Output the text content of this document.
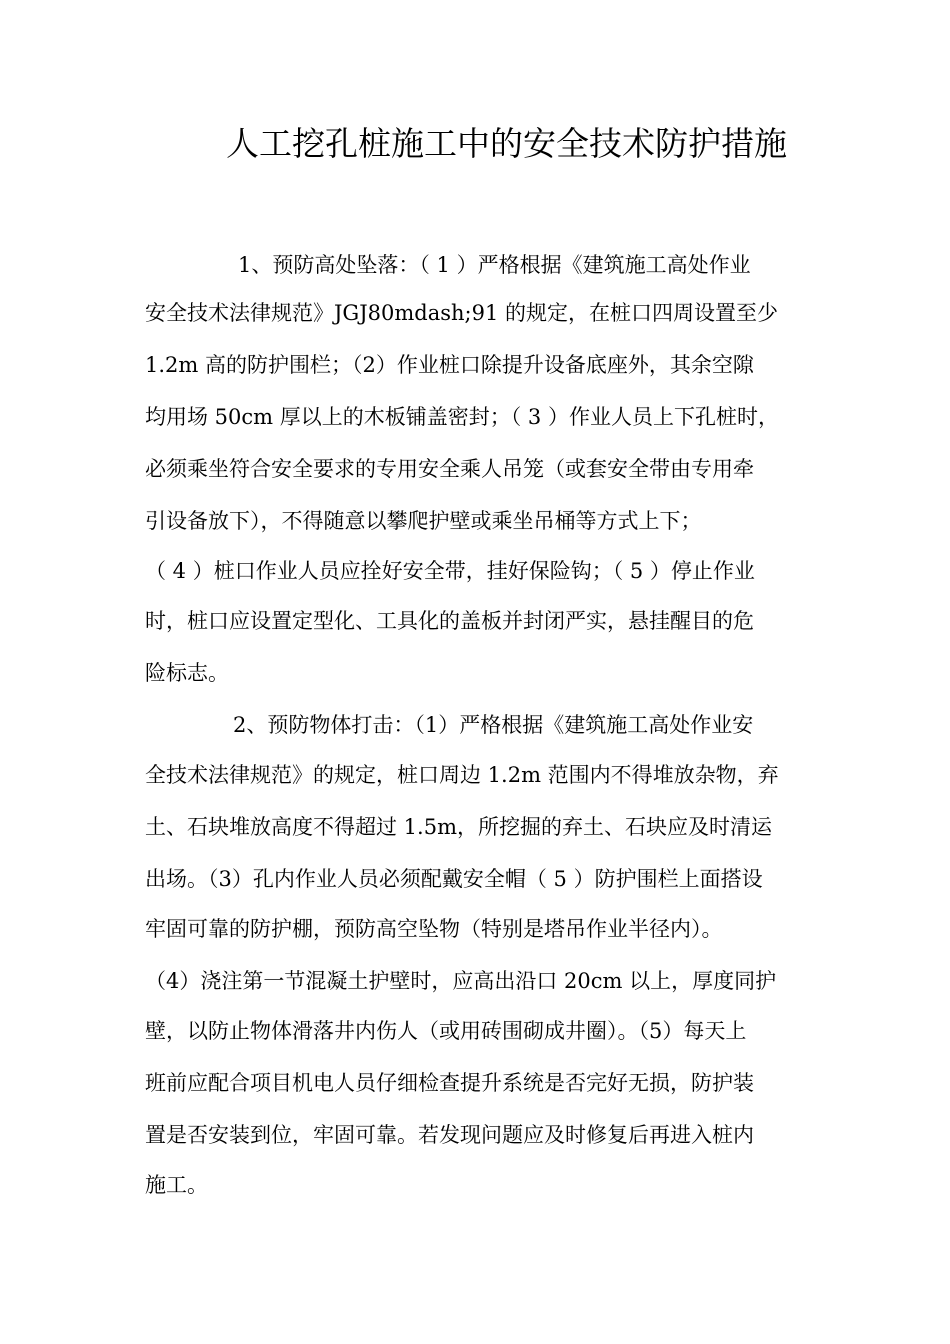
人工挖孔桩施工中的安全技术防护措施

1、预防高处坠落：（ 1 ）严格根据《建筑施工高处作业

安全技术法律规范》JGJ80mdash;91 的规定，在桩口四周设置至少

1.2m 高的防护围栏；（2）作业桩口除提升设备底座外，其余空隙

均用场 50cm 厚以上的木板铺盖密封；（ 3 ）作业人员上下孔桩时，

必须乘坐符合安全要求的专用安全乘人吊笼（或套安全带由专用牵

引设备放下），不得随意以攀爬护壁或乘坐吊桶等方式上下；

（ 4 ）桩口作业人员应拴好安全带，挂好保险钩；（ 5 ）停止作业

时，桩口应设置定型化、工具化的盖板并封闭严实，悬挂醒目的危

险标志。

2、预防物体打击：（1）严格根据《建筑施工高处作业安

全技术法律规范》的规定，桩口周边 1.2m 范围内不得堆放杂物，弃

土、石块堆放高度不得超过 1.5m，所挖掘的弃土、石块应及时清运

出场。（3）孔内作业人员必须配戴安全帽（ 5 ）防护围栏上面搭设

牢固可靠的防护棚，预防高空坠物（特别是塔吊作业半径内）。

（4）浇注第一节混凝土护壁时，应高出沿口 20cm 以上，厚度同护

壁，以防止物体滑落井内伤人（或用砖围砌成井圈）。（5）每天上

班前应配合项目机电人员仔细检查提升系统是否完好无损，防护装

置是否安装到位，牢固可靠。若发现问题应及时修复后再进入桩内

施工。
